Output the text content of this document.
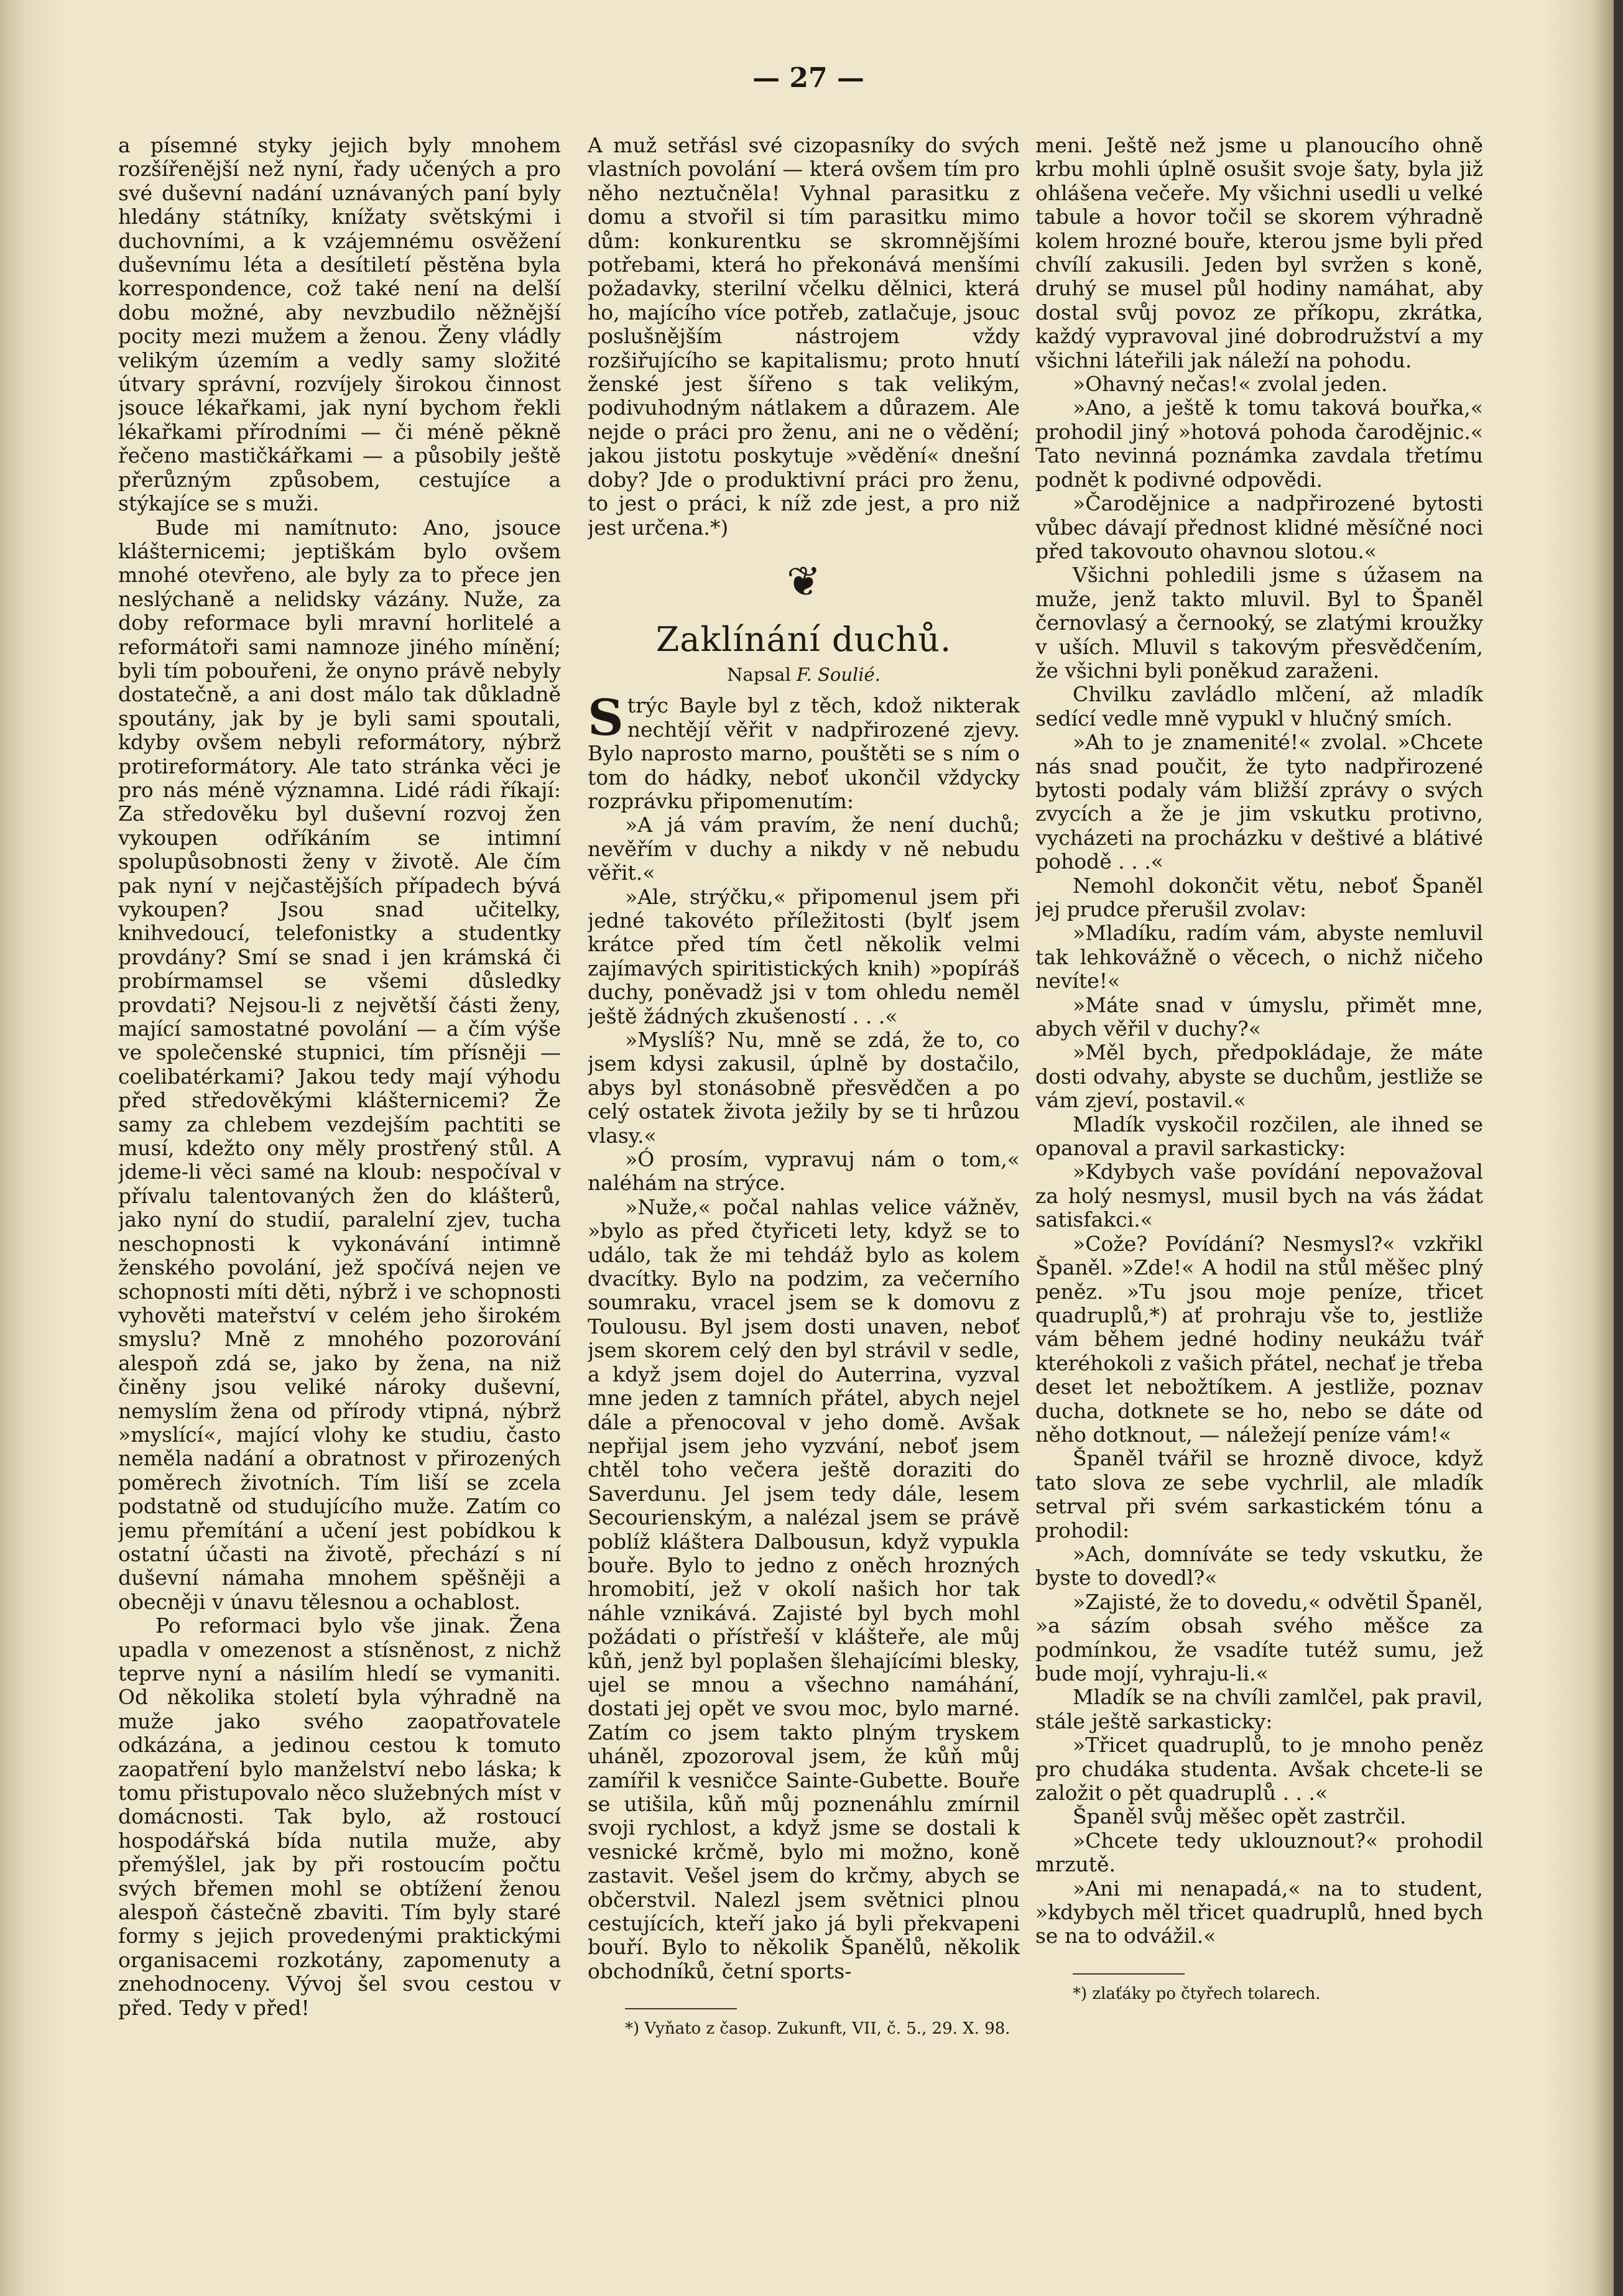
— 27 —

a písemné styky jejich byly mnohem rozšířenější než nyní, řady učených a pro své duševní nadání uznávaných paní byly hledány státníky, knížaty světskými i duchovními, a k vzájemnému osvěžení duševnímu léta a desítiletí pěstěna byla korrespondence, což také není na delší dobu možné, aby nevzbudilo něžnější pocity mezi mužem a ženou. Ženy vládly velikým územím a vedly samy složité útvary správní, rozvíjely širokou činnost jsouce lékařkami, jak nyní bychom řekli lékařkami přírodními — či méně pěkně řečeno mastičkářkami — a působily ještě přerůzným způsobem, cestujíce a stýkajíce se s muži.

Bude mi namítnuto: Ano, jsouce klášternicemi; jeptiškám bylo ovšem mnohé otevřeno, ale byly za to přece jen neslýchaně a nelidsky vázány. Nuže, za doby reformace byli mravní horlitelé a reformátoři sami namnoze jiného mínění; byli tím pobouřeni, že onyno právě nebyly dostatečně, a ani dost málo tak důkladně spoutány, jak by je byli sami spoutali, kdyby ovšem nebyli reformátory, nýbrž protireformátory. Ale tato stránka věci je pro nás méně významna. Lidé rádi říkají: Za středověku byl duševní rozvoj žen vykoupen odříkáním se intimní spolupůsobnosti ženy v životě. Ale čím pak nyní v nejčastějších případech bývá vykoupen? Jsou snad učitelky, knihvedoucí, telefonistky a studentky provdány? Smí se snad i jen krámská či probírmamsel se všemi důsledky provdati? Nejsou-li z největší části ženy, mající samostatné povolání — a čím výše ve společenské stupnici, tím přísněji — coelibatérkami? Jakou tedy mají výhodu před středověkými klášternicemi? Že samy za chlebem vezdejším pachtiti se musí, kdežto ony měly prostřený stůl. A jdeme-li věci samé na kloub: nespočíval v přívalu talentovaných žen do klášterů, jako nyní do studií, paralelní zjev, tucha neschopnosti k vykonávání intimně ženského povolání, jež spočívá nejen ve schopnosti míti děti, nýbrž i ve schopnosti vyhověti mateřství v celém jeho širokém smyslu? Mně z mnohého pozorování alespoň zdá se, jako by žena, na niž činěny jsou veliké nároky duševní, nemyslím žena od přírody vtipná, nýbrž »myslící«, mající vlohy ke studiu, často neměla nadání a obratnost v přirozených poměrech životních. Tím liší se zcela podstatně od studujícího muže. Zatím co jemu přemítání a učení jest pobídkou k ostatní účasti na životě, přechází s ní duševní námaha mnohem spěšněji a obecněji v únavu tělesnou a ochablost.

Po reformaci bylo vše jinak. Žena upadla v omezenost a stísněnost, z nichž teprve nyní a násilím hledí se vymaniti. Od několika století byla výhradně na muže jako svého zaopatřovatele odkázána, a jedinou cestou k tomuto zaopatření bylo manželství nebo láska; k tomu přistupovalo něco služebných míst v domácnosti. Tak bylo, až rostoucí hospodářská bída nutila muže, aby přemýšlel, jak by při rostoucím počtu svých břemen mohl se obtížení ženou alespoň částečně zbaviti. Tím byly staré formy s jejich provedenými praktickými organisacemi rozkotány, zapomenuty a znehodnoceny. Vývoj šel svou cestou v před. Tedy v před!

A muž setřásl své cizopasníky do svých vlastních povolání — která ovšem tím pro něho neztučněla! Vyhnal parasitku z domu a stvořil si tím parasitku mimo dům: konkurentku se skromnějšími potřebami, která ho překonává menšími požadavky, sterilní včelku dělnici, která ho, majícího více potřeb, zatlačuje, jsouc poslušnějším nástrojem vždy rozšiřujícího se kapitalismu; proto hnutí ženské jest šířeno s tak velikým, podivuhodným nátlakem a důrazem. Ale nejde o práci pro ženu, ani ne o vědění; jakou jistotu poskytuje »vědění« dnešní doby? Jde o produktivní práci pro ženu, to jest o práci, k níž zde jest, a pro niž jest určena.*)

❦
Zaklínání duchů.
Napsal F. Soulié.

Strýc Bayle byl z těch, kdož nikterak nechtějí věřit v nadpřirozené zjevy. Bylo naprosto marno, pouštěti se s ním o tom do hádky, neboť ukončil vždycky rozprávku připomenutím:

»A já vám pravím, že není duchů; nevěřím v duchy a nikdy v ně nebudu věřit.«

»Ale, strýčku,« připomenul jsem při jedné takovéto příležitosti (bylť jsem krátce před tím četl několik velmi zajímavých spiritistických knih) »popíráš duchy, poněvadž jsi v tom ohledu neměl ještě žádných zkušeností . . .«

»Myslíš? Nu, mně se zdá, že to, co jsem kdysi zakusil, úplně by dostačilo, abys byl stonásobně přesvědčen a po celý ostatek života ježily by se ti hrůzou vlasy.«

»Ó prosím, vypravuj nám o tom,« naléhám na strýce.

»Nuže,« počal nahlas velice vážněv, »bylo as před čtyřiceti lety, když se to událo, tak že mi tehdáž bylo as kolem dvacítky. Bylo na podzim, za večerního soumraku, vracel jsem se k domovu z Toulousu. Byl jsem dosti unaven, neboť jsem skorem celý den byl strávil v sedle, a když jsem dojel do Auterrina, vyzval mne jeden z tamních přátel, abych nejel dále a přenocoval v jeho domě. Avšak nepřijal jsem jeho vyzvání, neboť jsem chtěl toho večera ještě doraziti do Saverdunu. Jel jsem tedy dále, lesem Secourienským, a nalézal jsem se právě poblíž kláštera Dalbousun, když vypukla bouře. Bylo to jedno z oněch hrozných hromobití, jež v okolí našich hor tak náhle vznikává. Zajisté byl bych mohl požádati o přístřeší v klášteře, ale můj kůň, jenž byl poplašen šlehajícími blesky, ujel se mnou a všechno namáhání, dostati jej opět ve svou moc, bylo marné. Zatím co jsem takto plným tryskem uháněl, zpozoroval jsem, že kůň můj zamířil k vesničce Sainte-Gubette. Bouře se utišila, kůň můj poznenáhlu zmírnil svoji rychlost, a když jsme se dostali k vesnické krčmě, bylo mi možno, koně zastavit. Vešel jsem do krčmy, abych se občerstvil. Nalezl jsem světnici plnou cestujících, kteří jako já byli překvapeni bouří. Bylo to několik Španělů, několik obchodníků, četní sports-

*) Vyňato z časop. Zukunft, VII, č. 5., 29. X. 98.

meni. Ještě než jsme u planoucího ohně krbu mohli úplně osušit svoje šaty, byla již ohlášena večeře. My všichni usedli u velké tabule a hovor točil se skorem výhradně kolem hrozné bouře, kterou jsme byli před chvílí zakusili. Jeden byl svržen s koně, druhý se musel půl hodiny namáhat, aby dostal svůj povoz ze příkopu, zkrátka, každý vypravoval jiné dobrodružství a my všichni láteřili jak náleží na pohodu.

»Ohavný nečas!« zvolal jeden.

»Ano, a ještě k tomu taková bouřka,« prohodil jiný »hotová pohoda čarodějnic.« Tato nevinná poznámka zavdala třetímu podnět k podivné odpovědi.

»Čarodějnice a nadpřirozené bytosti vůbec dávají přednost klidné měsíčné noci před takovouto ohavnou slotou.«

Všichni pohledili jsme s úžasem na muže, jenž takto mluvil. Byl to Španěl černovlasý a černooký, se zlatými kroužky v uších. Mluvil s takovým přesvědčením, že všichni byli poněkud zaraženi.

Chvilku zavládlo mlčení, až mladík sedící vedle mně vypukl v hlučný smích.

»Ah to je znamenité!« zvolal. »Chcete nás snad poučit, že tyto nadpřirozené bytosti podaly vám bližší zprávy o svých zvycích a že je jim vskutku protivno, vycházeti na procházku v deštivé a blátivé pohodě . . .«

Nemohl dokončit větu, neboť Španěl jej prudce přerušil zvolav:

»Mladíku, radím vám, abyste nemluvil tak lehkovážně o věcech, o nichž ničeho nevíte!«

»Máte snad v úmyslu, přimět mne, abych věřil v duchy?«

»Měl bych, předpokládaje, že máte dosti odvahy, abyste se duchům, jestliže se vám zjeví, postavil.«

Mladík vyskočil rozčilen, ale ihned se opanoval a pravil sarkasticky:

»Kdybych vaše povídání nepovažoval za holý nesmysl, musil bych na vás žádat satisfakci.«

»Cože? Povídání? Nesmysl?« vzkřikl Španěl. »Zde!« A hodil na stůl měšec plný peněz. »Tu jsou moje peníze, třicet quadruplů,*) ať prohraju vše to, jestliže vám během jedné hodiny neukážu tvář kteréhokoli z vašich přátel, nechať je třeba deset let nebožtíkem. A jestliže, poznav ducha, dotknete se ho, nebo se dáte od něho dotknout, — náležejí peníze vám!«

Španěl tvářil se hrozně divoce, když tato slova ze sebe vychrlil, ale mladík setrval při svém sarkastickém tónu a prohodil:

»Ach, domníváte se tedy vskutku, že byste to dovedl?«

»Zajisté, že to dovedu,« odvětil Španěl, »a sázím obsah svého měšce za podmínkou, že vsadíte tutéž sumu, jež bude mojí, vyhraju-li.«

Mladík se na chvíli zamlčel, pak pravil, stále ještě sarkasticky:

»Třicet quadruplů, to je mnoho peněz pro chudáka studenta. Avšak chcete-li se založit o pět quadruplů . . .«

Španěl svůj měšec opět zastrčil.

»Chcete tedy uklouznout?« prohodil mrzutě.

»Ani mi nenapadá,« na to student, »kdybych měl třicet quadruplů, hned bych se na to odvážil.«

*) zlaťáky po čtyřech tolarech.
